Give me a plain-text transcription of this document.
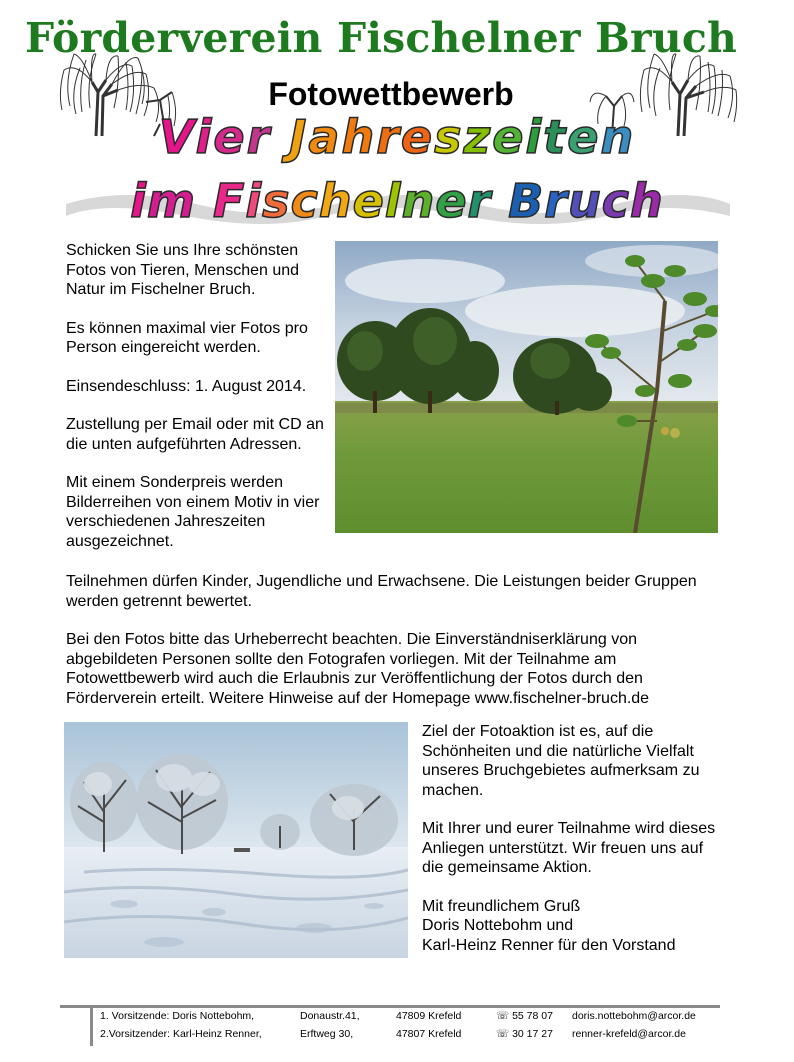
Förderverein Fischelner Bruch
Fotowettbewerb
Vier Jahreszeiten
im Fischelner Bruch

Schicken Sie uns Ihre schönsten Fotos von Tieren, Menschen und Natur im Fischelner Bruch.

Es können maximal vier Fotos pro Person eingereicht werden.

Einsendeschluss: 1. August 2014.

Zustellung per Email oder mit CD an die unten aufgeführten Adressen.

Mit einem Sonderpreis werden Bilderreihen von einem Motiv in vier verschiedenen Jahreszeiten ausgezeichnet.

Teilnehmen dürfen Kinder, Jugendliche und Erwachsene. Die Leistungen beider Gruppen werden getrennt bewertet.

Bei den Fotos bitte das Urheberrecht beachten. Die Einverständniserklärung von abgebildeten Personen sollte den Fotografen vorliegen. Mit der Teilnahme am Fotowettbewerb wird auch die Erlaubnis zur Veröffentlichung der Fotos durch den Förderverein erteilt. Weitere Hinweise auf der Homepage www.fischelner-bruch.de

Ziel der Fotoaktion ist es, auf die Schönheiten und die natürliche Vielfalt unseres Bruchgebietes aufmerksam zu machen.

Mit Ihrer und eurer Teilnahme wird dieses Anliegen unterstützt. Wir freuen uns auf die gemeinsame Aktion.

Mit freundlichem Gruß
Doris Nottebohm und
Karl-Heinz Renner für den Vorstand
1. Vorsitzende: Doris Nottebohm,	Donaustr.41,	47809 Krefeld	☏ 55 78 07	doris.nottebohm@arcor.de
2.Vorsitzender: Karl-Heinz Renner,	Erftweg 30,	47807 Krefeld	☏ 30 17 27	renner-krefeld@arcor.de
